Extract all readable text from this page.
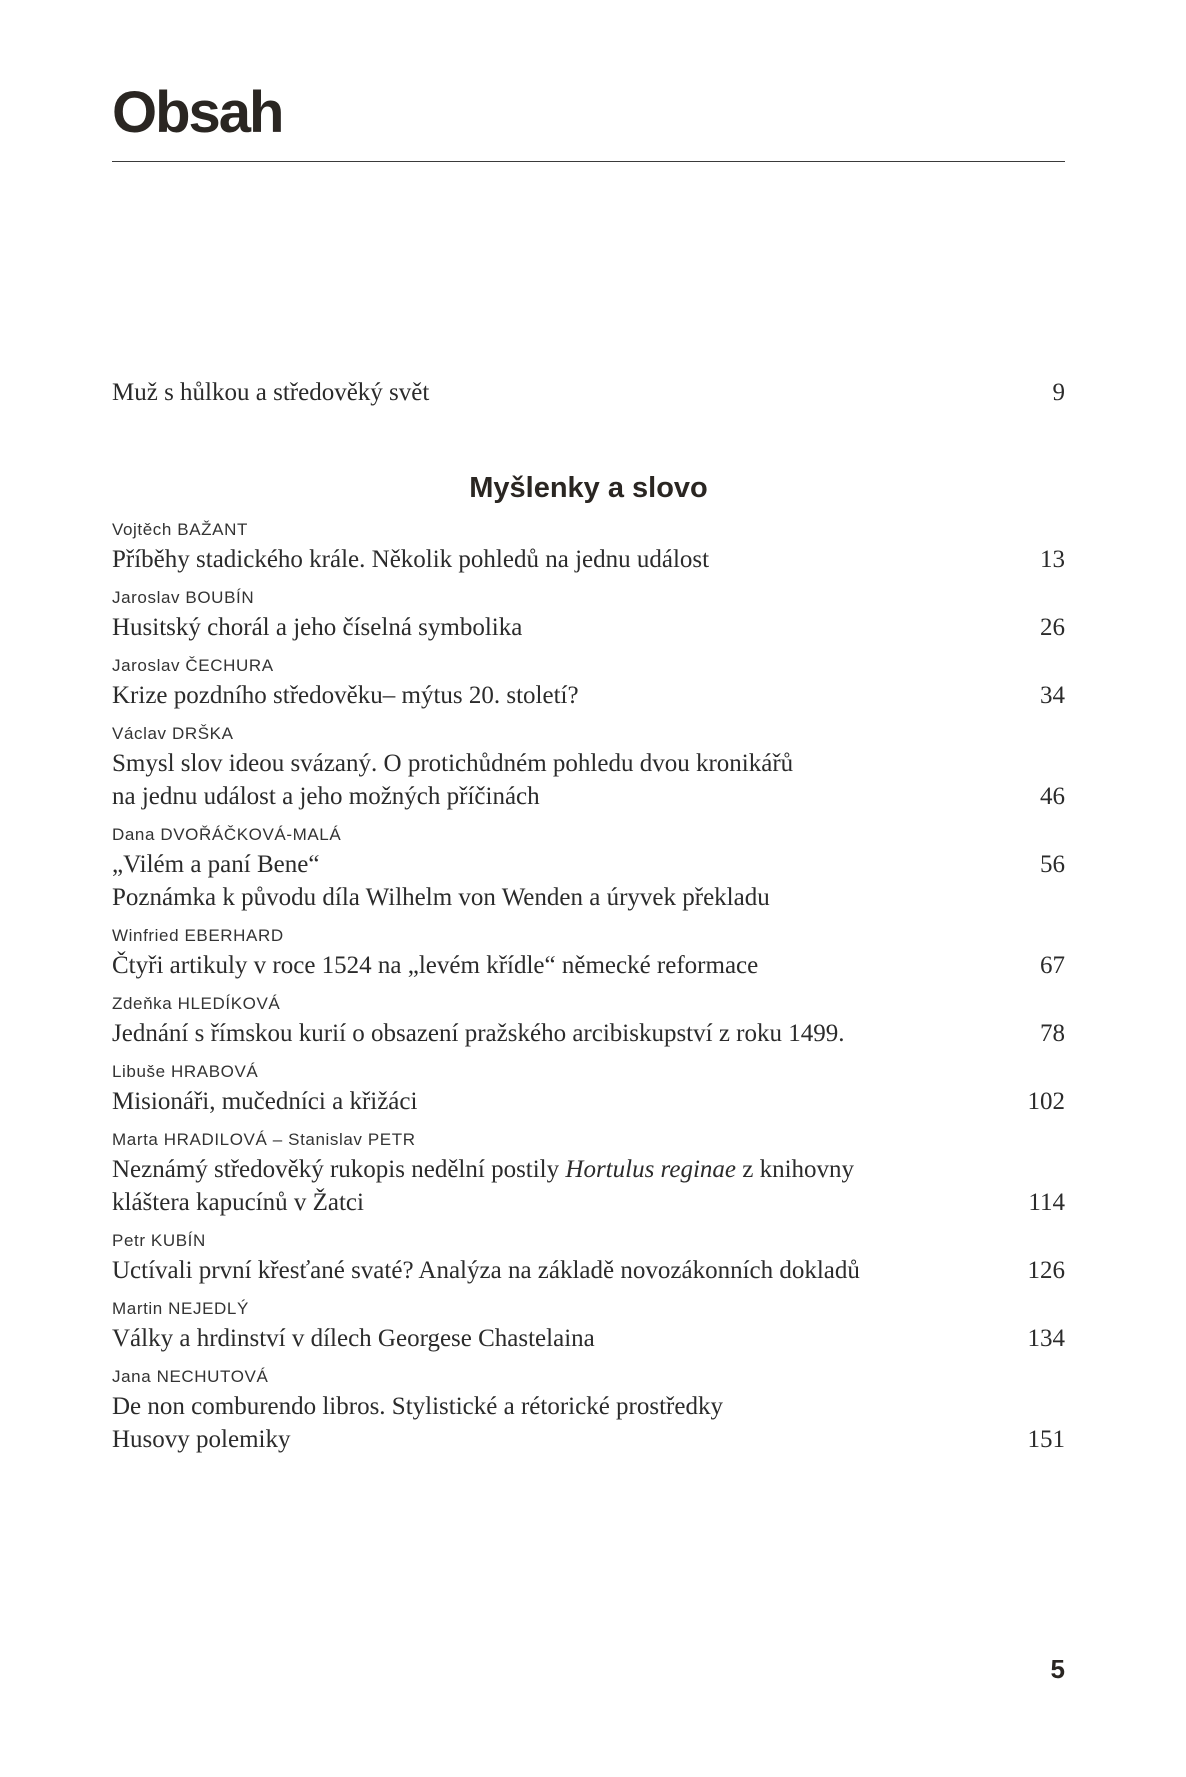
Obsah
Muž s hůlkou a středověký svět	9
Myšlenky a slovo
Vojtěch BAŽANT
Příběhy stadického krále. Několik pohledů na jednu událost	13
Jaroslav BOUBÍN
Husitský chorál a jeho číselná symbolika	26
Jaroslav ČECHURA
Krize pozdního středověku– mýtus 20. století?	34
Václav DRŠKA
Smysl slov ideou svázaný. O protichůdném pohledu dvou kronikářů
na jednu událost a jeho možných příčinách	46
Dana DVOŘÁČKOVÁ-MALÁ
„Vilém a paní Bene“	56
Poznámka k původu díla Wilhelm von Wenden a úryvek překladu
Winfried EBERHARD
Čtyři artikuly v roce 1524 na „levém křídle“ německé reformace	67
Zdeňka HLEDÍKOVÁ
Jednání s římskou kurií o obsazení pražského arcibiskupství z roku 1499.	78
Libuše HRABOVÁ
Misionáři, mučedníci a křižáci	102
Marta HRADILOVÁ – Stanislav PETR
Neznámý středověký rukopis nedělní postily Hortulus reginae z knihovny
kláštera kapucínů v Žatci	114
Petr KUBÍN
Uctívali první křesťané svaté? Analýza na základě novozákonních dokladů	126
Martin NEJEDLÝ
Války a hrdinství v dílech Georgese Chastelaina	134
Jana NECHUTOVÁ
De non comburendo libros. Stylistické a rétorické prostředky
Husovy polemiky	151
5
